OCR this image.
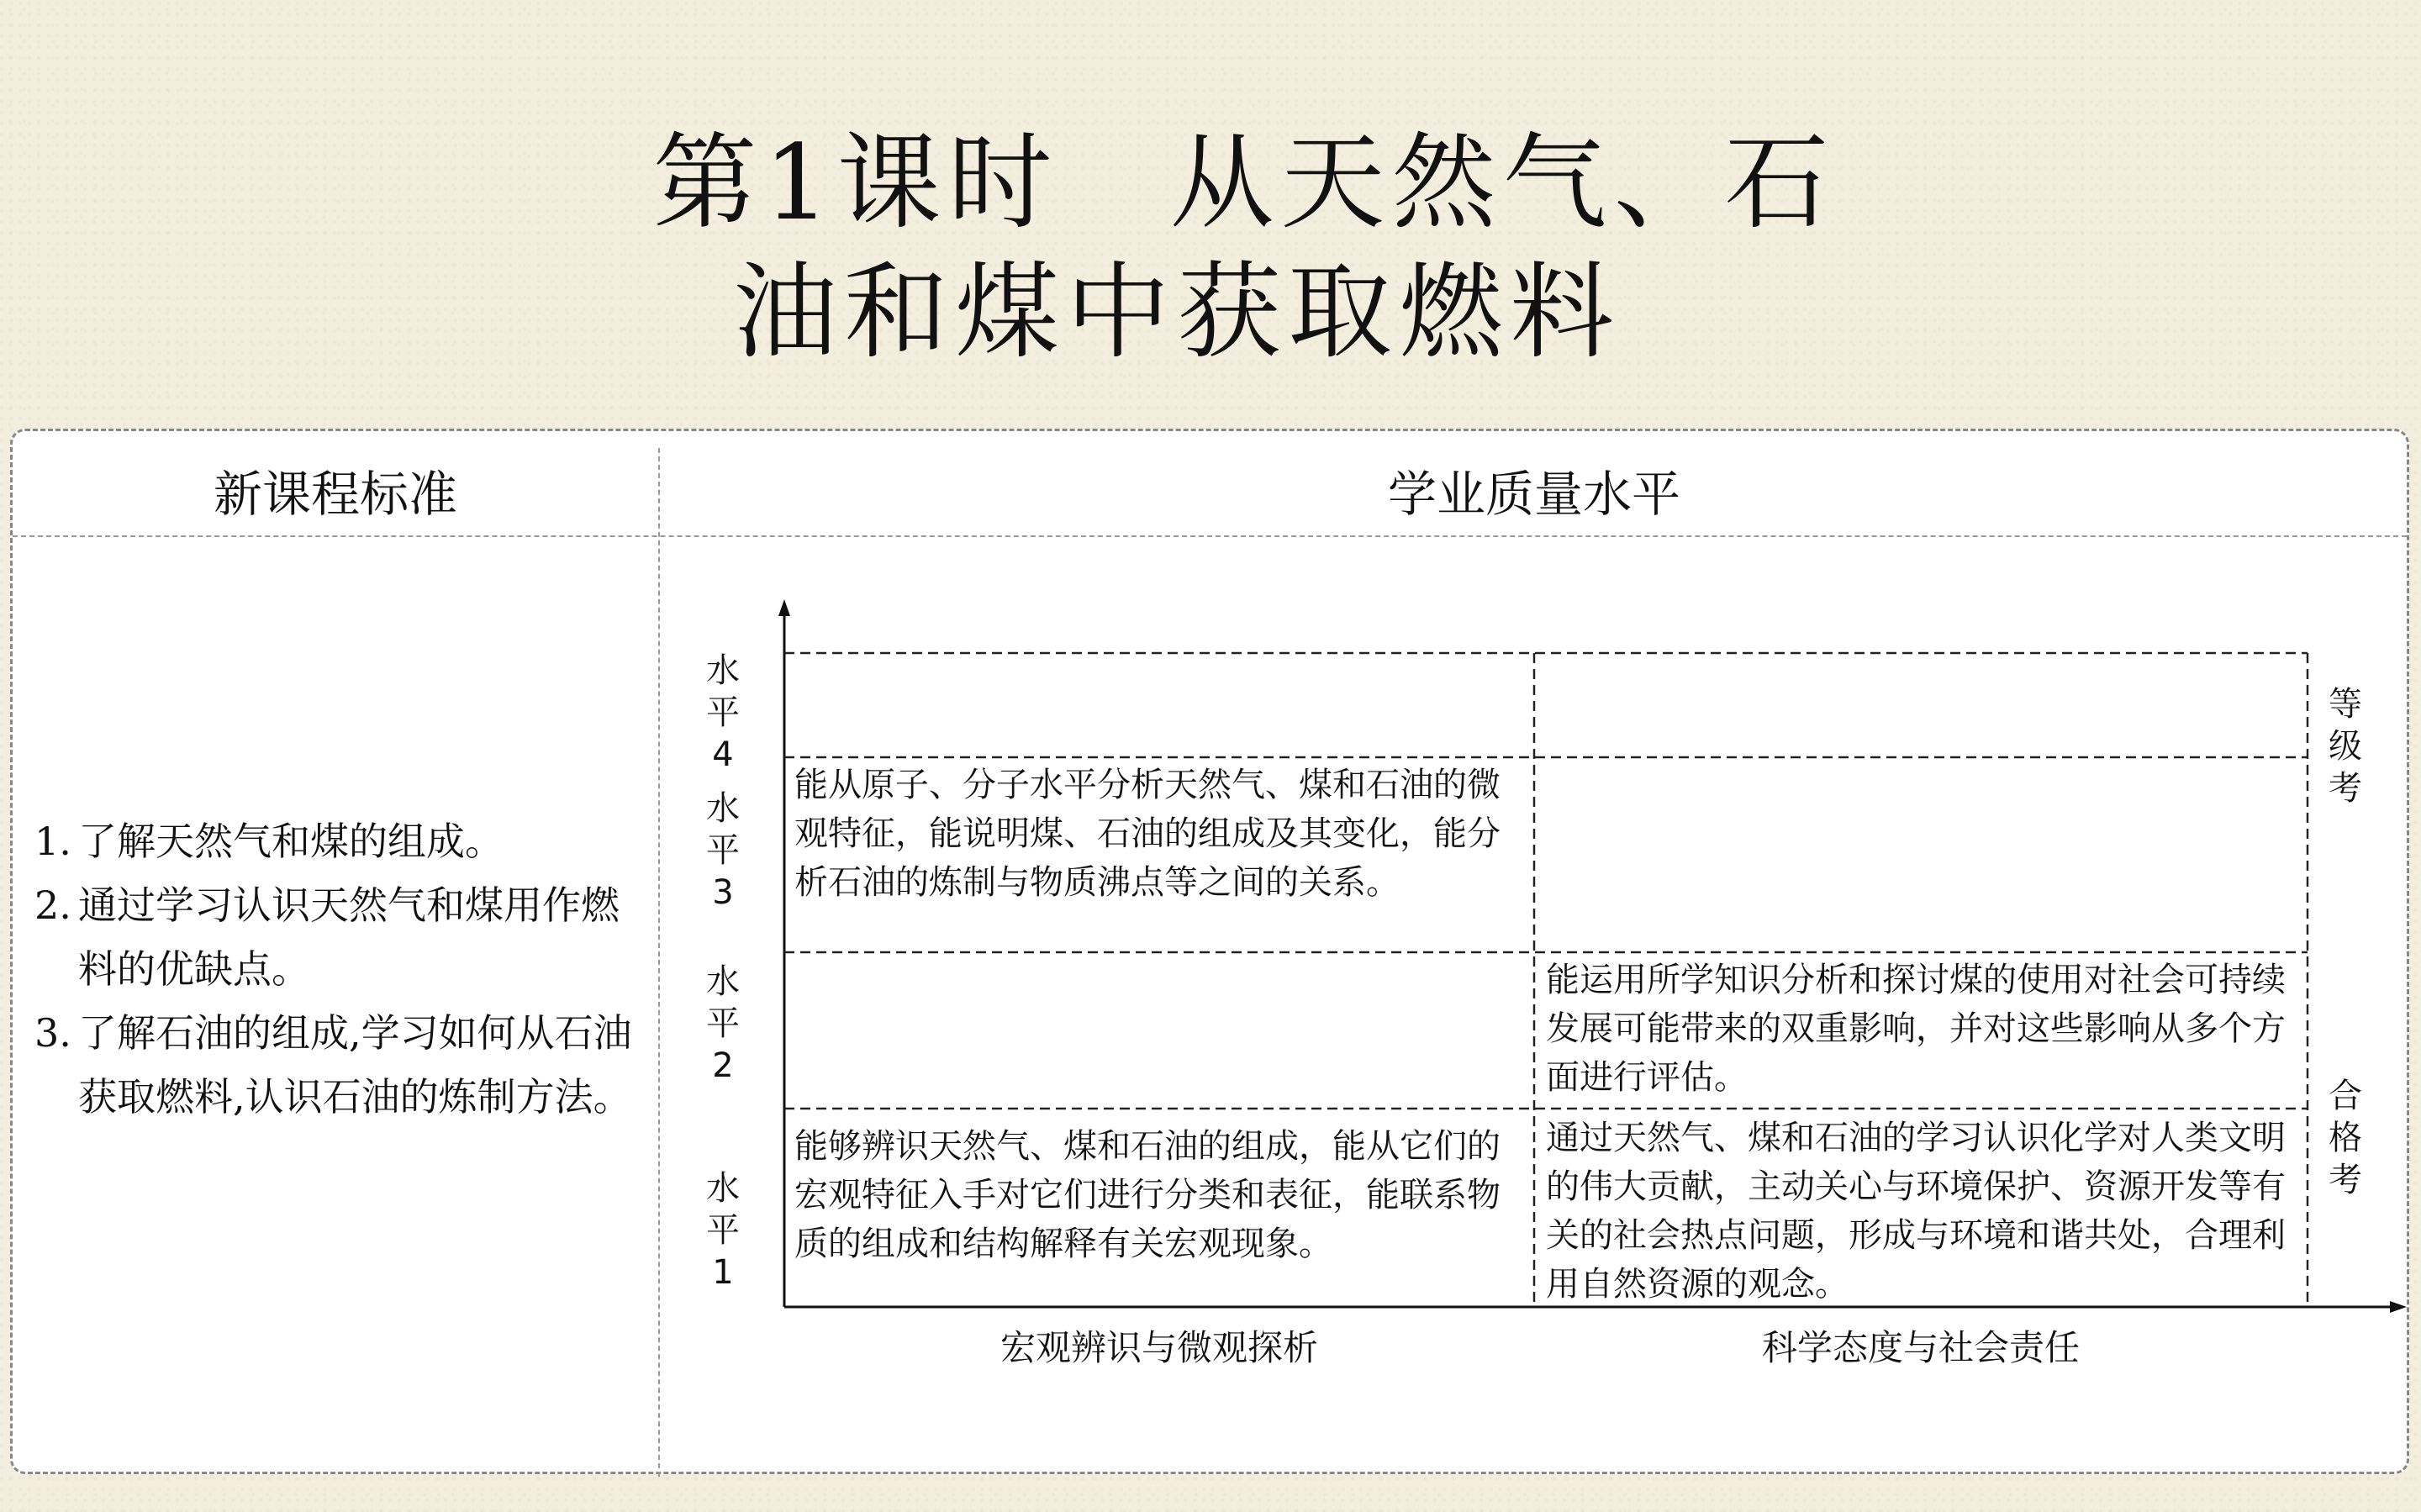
第1课时　从天然气、石
油和煤中获取燃料
新课程标准	学业质量水平
1. 了解天然气和煤的组成。
2. 通过学习认识天然气和煤用作燃料的优缺点。
3. 了解石油的组成,学习如何从石油获取燃料,认识石油的炼制方法。
水
平
4
水
平
3
水
平
2
水
平
1
等
级
考
合
格
考
能从原子、分子水平分析天然气、煤和石油的微观特征，能说明煤、石油的组成及其变化，能分析石油的炼制与物质沸点等之间的关系。
能运用所学知识分析和探讨煤的使用对社会可持续发展可能带来的双重影响，并对这些影响从多个方面进行评估。
能够辨识天然气、煤和石油的组成，能从它们的宏观特征入手对它们进行分类和表征，能联系物质的组成和结构解释有关宏观现象。
通过天然气、煤和石油的学习认识化学对人类文明的伟大贡献，主动关心与环境保护、资源开发等有关的社会热点问题，形成与环境和谐共处，合理利用自然资源的观念。
宏观辨识与微观探析	科学态度与社会责任
